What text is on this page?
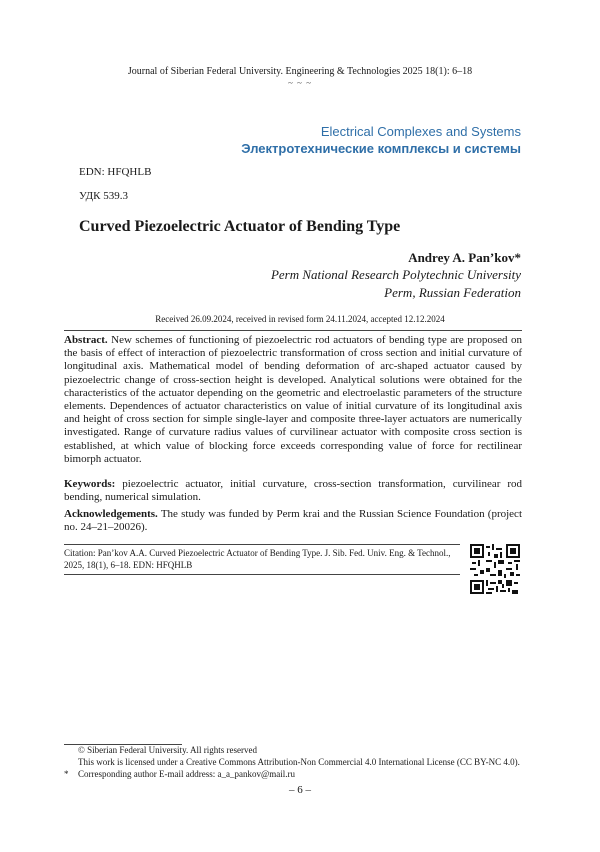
Journal of Siberian Federal University. Engineering & Technologies 2025 18(1): 6–18
~ ~ ~
Electrical Complexes and Systems
Электротехнические комплексы и системы
EDN: HFQHLB
УДК 539.3
Curved Piezoelectric Actuator of Bending Type
Andrey A. Pan’kov*
Perm National Research Polytechnic University
Perm, Russian Federation
Received 26.09.2024, received in revised form 24.11.2024, accepted 12.12.2024
Abstract. New schemes of functioning of piezoelectric rod actuators of bending type are proposed on the basis of effect of interaction of piezoelectric transformation of cross section and initial curvature of longitudinal axis. Mathematical model of bending deformation of arc-shaped actuator caused by piezoelectric change of cross-section height is developed. Analytical solutions were obtained for the characteristics of the actuator depending on the geometric and electroelastic parameters of the structure elements. Dependences of actuator characteristics on value of initial curvature of its longitudinal axis and height of cross section for simple single-layer and composite three-layer actuators are numerically investigated. Range of curvature radius values of curvilinear actuator with composite cross section is established, at which value of blocking force exceeds corresponding value of force for rectilinear bimorph actuator.
Keywords: piezoelectric actuator, initial curvature, cross-section transformation, curvilinear rod bending, numerical simulation.
Acknowledgements. The study was funded by Perm krai and the Russian Science Foundation (project no. 24–21–20026).
Citation: Pan’kov A.A. Curved Piezoelectric Actuator of Bending Type. J. Sib. Fed. Univ. Eng. & Technol., 2025, 18(1), 6–18. EDN: HFQHLB
© Siberian Federal University. All rights reserved
This work is licensed under a Creative Commons Attribution-Non Commercial 4.0 International License (CC BY-NC 4.0).
* Corresponding author E-mail address: a_a_pankov@mail.ru
– 6 –
